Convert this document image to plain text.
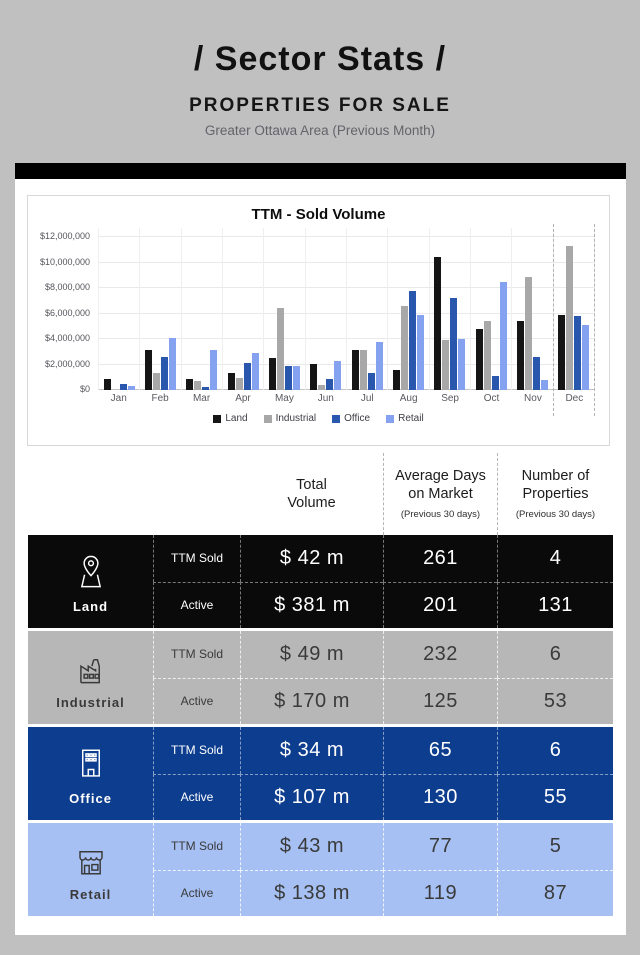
/ Sector Stats /
PROPERTIES FOR SALE
Greater Ottawa Area (Previous Month)
TTM - Sold Volume
$12,000,000
$10,000,000
$8,000,000
$6,000,000
$4,000,000
$2,000,000
$0
Jan	Feb	Mar	Apr	May	Jun	Jul	Aug	Sep	Oct	Nov	Dec
Land	Industrial	Office	Retail
Total
Volume
Average Days
on Market
(Previous 30 days)
Number of
Properties
(Previous 30 days)
Land
TTM Sold	$ 42 m	261	4
Active	$ 381 m	201	131
Industrial
TTM Sold	$ 49 m	232	6
Active	$ 170 m	125	53
Office
TTM Sold	$ 34 m	65	6
Active	$ 107 m	130	55
Retail
TTM Sold	$ 43 m	77	5
Active	$ 138 m	119	87
